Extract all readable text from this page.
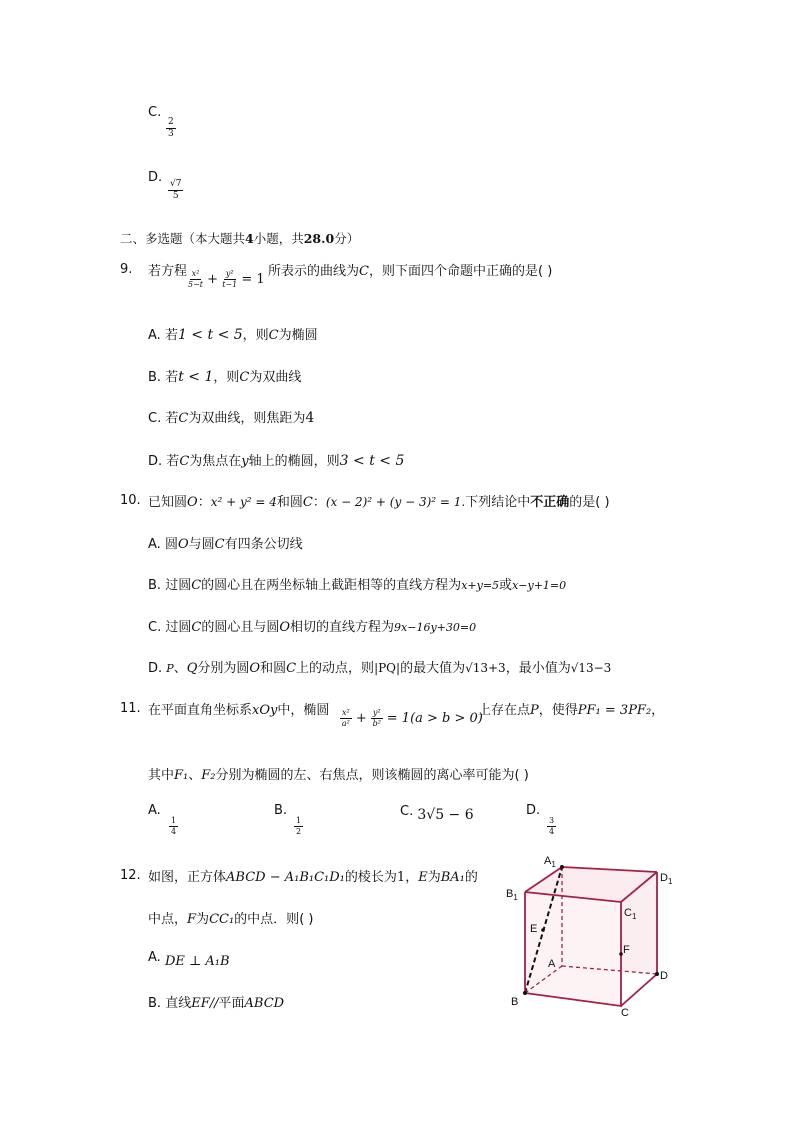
C.
$\frac{2}{3}$
D.
$\frac{√7}{5}$
二、多选题（本大题共4小题，共28.0分）
9. 若方程 $\frac{\text{x²}}{5-t} + \frac{\text{y²}}{t-1} = 1$
所表示的曲线为C，则下面四个命题中正确的是( )
A. 若1 < t < 5，则C为椭圆
B. 若t < 1，则C为双曲线
C. 若C为双曲线，则焦距为4
D. 若C为焦点在y轴上的椭圆，则3 < t < 5
10. 已知圆O：x² + y² = 4和圆C：(x − 2)² + (y − 3)² = 1.下列结论中不正确的是( )
A. 圆O与圆C有四条公切线
B. 过圆C的圆心且在两坐标轴上截距相等的直线方程为x+y=5或x−y+1=0
C. 过圆C的圆心且与圆O相切的直线方程为9x−16y+30=0
D. P、Q分别为圆O和圆C上的动点，则|PQ|的最大值为√13+3，最小值为√13−3
11. 在平面直角坐标系xOy中，椭圆 $\frac{\text{x²}}{\text{a²}} + \frac{\text{y²}}{\text{b²}} = 1(a > b > 0)$
上存在点P，使得PF₁ = 3PF₂，
其中F₁、F₂分别为椭圆的左、右焦点，则该椭圆的离心率可能为( )
A.
$\frac{1}{4}$
B.
$\frac{1}{2}$
C. 3√5 − 6	D.
$\frac{3}{4}$
12. 如图，正方体ABCD − A₁B₁C₁D₁的棱长为1，E为BA₁的
中点，F为CC₁的中点．则( )
A. DE ⊥ A₁B
B. 直线EF//平面ABCD
$A_1$
$B_1$
$D_1$
$C_1$
E
F
A
D
B
C
